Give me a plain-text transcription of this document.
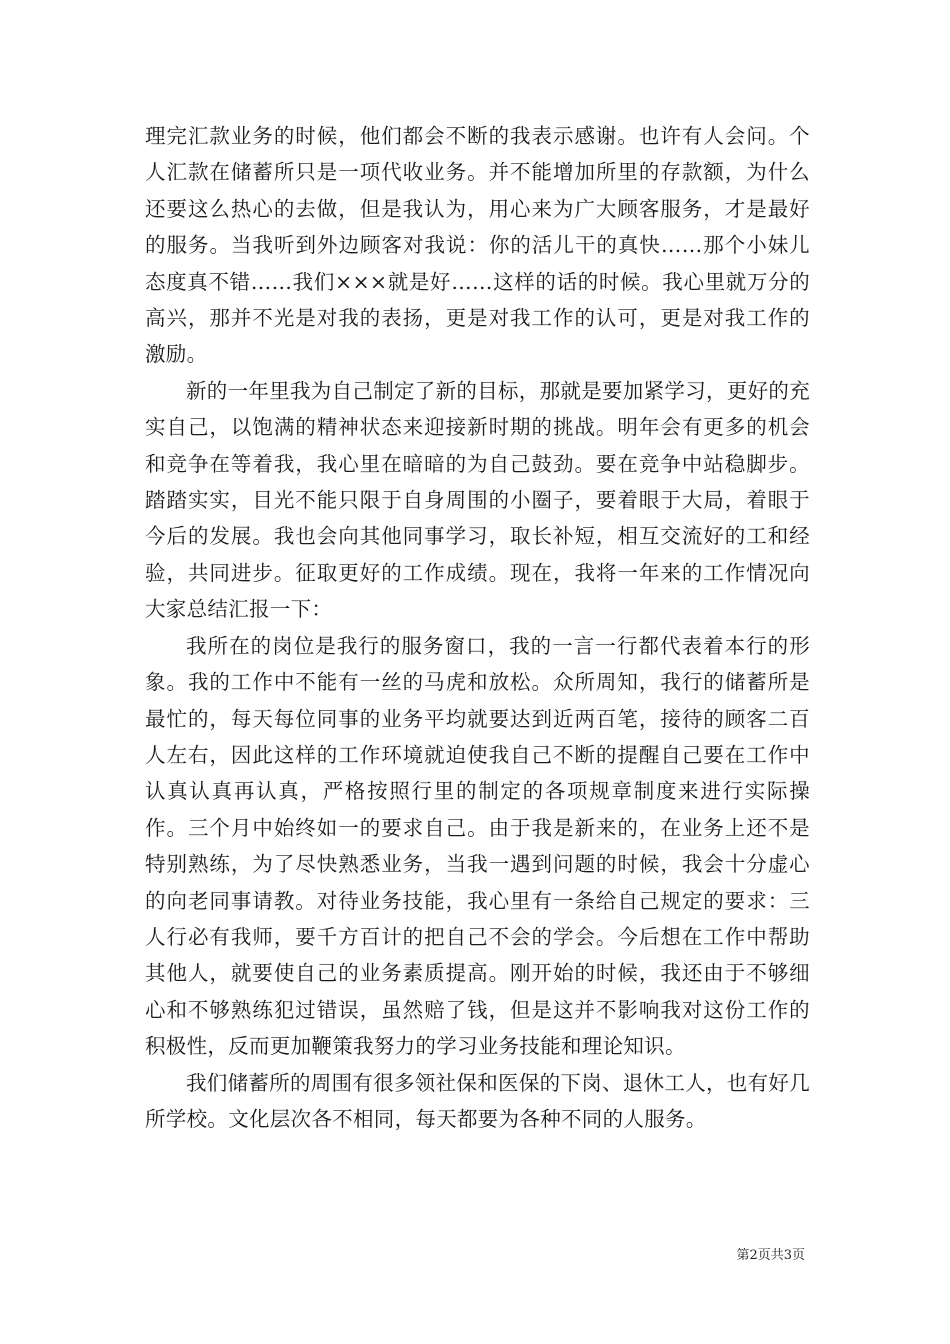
理完汇款业务的时候，他们都会不断的我表示感谢。也许有人会问。个人汇款在储蓄所只是一项代收业务。并不能增加所里的存款额，为什么还要这么热心的去做，但是我认为，用心来为广大顾客服务，才是最好的服务。当我听到外边顾客对我说：你的活儿干的真快……那个小妹儿态度真不错……我们×××就是好……这样的话的时候。我心里就万分的高兴，那并不光是对我的表扬，更是对我工作的认可，更是对我工作的激励。

新的一年里我为自己制定了新的目标，那就是要加紧学习，更好的充实自己，以饱满的精神状态来迎接新时期的挑战。明年会有更多的机会和竞争在等着我，我心里在暗暗的为自己鼓劲。要在竞争中站稳脚步。踏踏实实，目光不能只限于自身周围的小圈子，要着眼于大局，着眼于今后的发展。我也会向其他同事学习，取长补短，相互交流好的工和经验，共同进步。征取更好的工作成绩。现在，我将一年来的工作情况向大家总结汇报一下：

我所在的岗位是我行的服务窗口，我的一言一行都代表着本行的形象。我的工作中不能有一丝的马虎和放松。众所周知，我行的储蓄所是最忙的，每天每位同事的业务平均就要达到近两百笔，接待的顾客二百人左右，因此这样的工作环境就迫使我自己不断的提醒自己要在工作中认真认真再认真，严格按照行里的制定的各项规章制度来进行实际操作。三个月中始终如一的要求自己。由于我是新来的，在业务上还不是特别熟练，为了尽快熟悉业务，当我一遇到问题的时候，我会十分虚心的向老同事请教。对待业务技能，我心里有一条给自己规定的要求：三人行必有我师，要千方百计的把自己不会的学会。今后想在工作中帮助其他人，就要使自己的业务素质提高。刚开始的时候，我还由于不够细心和不够熟练犯过错误，虽然赔了钱，但是这并不影响我对这份工作的积极性，反而更加鞭策我努力的学习业务技能和理论知识。

我们储蓄所的周围有很多领社保和医保的下岗、退休工人，也有好几所学校。文化层次各不相同，每天都要为各种不同的人服务。

第2页共3页
